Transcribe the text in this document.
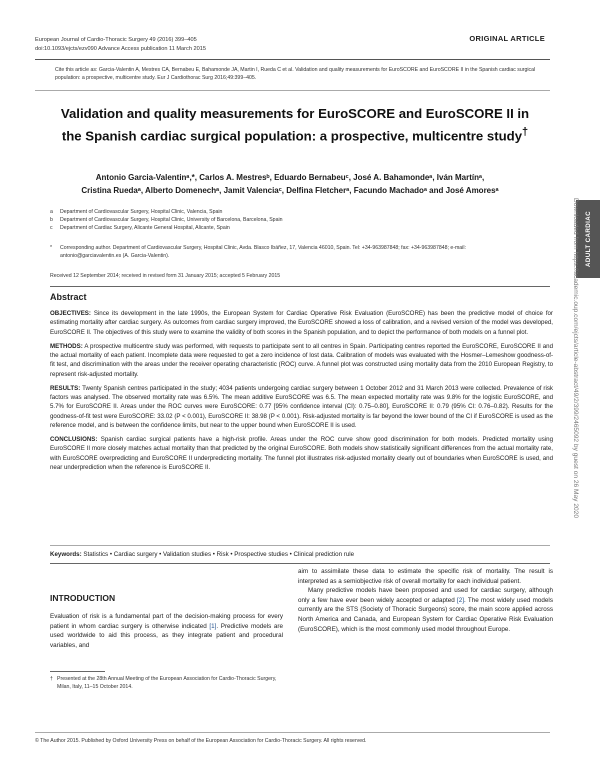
European Journal of Cardio-Thoracic Surgery 49 (2016) 399–405
doi:10.1093/ejcts/ezv090 Advance Access publication 11 March 2015
ORIGINAL ARTICLE
Cite this article as: Garcia-Valentin A, Mestres CA, Bernabeu E, Bahamonde JA, Martin I, Rueda C et al. Validation and quality measurements for EuroSCORE and EuroSCORE II in the Spanish cardiac surgical population: a prospective, multicentre study. Eur J Cardiothorac Surg 2016;49:399–405.
Validation and quality measurements for EuroSCORE and EuroSCORE II in the Spanish cardiac surgical population: a prospective, multicentre study†
Antonio Garcia-Valentinᵃ,*, Carlos A. Mestresᵇ, Eduardo Bernabeuᶜ, José A. Bahamondeᵃ, Iván Martínᵃ,
Cristina Ruedaᵃ, Alberto Domenechᵃ, Jamit Valenciaᶜ, Delfina Fletcherᵃ, Facundo Machadoᵃ and José Amoresᵃ
a	Department of Cardiovascular Surgery, Hospital Clinic, Valencia, Spain
b	Department of Cardiovascular Surgery, Hospital Clinic, University of Barcelona, Barcelona, Spain
c	Department of Cardiac Surgery, Alicante General Hospital, Alicante, Spain
*	Corresponding author. Department of Cardiovascular Surgery, Hospital Clinic, Avda. Blasco Ibáñez, 17, Valencia 46010, Spain. Tel: +34-963987848; fax: +34-963987848; e-mail: antonio@garciavalentin.es (A. Garcia-Valentin).
Received 12 September 2014; received in revised form 31 January 2015; accepted 5 February 2015
Abstract

OBJECTIVES: Since its development in the late 1990s, the European System for Cardiac Operative Risk Evaluation (EuroSCORE) has been the predictive model of choice for estimating mortality after cardiac surgery. As outcomes from cardiac surgery improved, the EuroSCORE showed a loss of calibration, and a revised version of the model was developed, EuroSCORE II. The objectives of this study were to examine the validity of both scores in the Spanish population, and to depict the performance of both models on a funnel plot.

METHODS: A prospective multicentre study was performed, with requests to participate sent to all centres in Spain. Participating centres reported the EuroSCORE, EuroSCORE II and the actual mortality of each patient. Incomplete data were requested to get a zero incidence of lost data. Calibration of models was evaluated with the Hosmer–Lemeshow goodness-of-fit test, and discrimination with the areas under the receiver operating characteristic (ROC) curve. A funnel plot was constructed using mortality data from the 2010 European Registry, to represent risk-adjusted mortality.

RESULTS: Twenty Spanish centres participated in the study; 4034 patients undergoing cardiac surgery between 1 October 2012 and 31 March 2013 were collected. Prevalence of risk factors was analysed. The observed mortality rate was 6.5%. The mean additive EuroSCORE was 6.5. The mean expected mortality rate was 9.8% for the logistic EuroSCORE, and 5.7% for EuroSCORE II. Areas under the ROC curves were EuroSCORE: 0.77 [95% confidence interval (CI): 0.75–0.80], EuroSCORE II: 0.79 (95% CI: 0.76–0.82). Results for the goodness-of-fit test were EuroSCORE: 33.02 (P < 0.001), EuroSCORE II: 38.98 (P < 0.001). Risk-adjusted mortality is far beyond the lower bound of the CI if EuroSCORE is used as the reference model, and is between the confidence limits, but near to the upper bound when EuroSCORE II is used.

CONCLUSIONS: Spanish cardiac surgical patients have a high-risk profile. Areas under the ROC curve show good discrimination for both models. Predicted mortality using EuroSCORE II more closely matches actual mortality than that predicted by the original EuroSCORE. Both models show statistically significant differences from the actual mortality rate, with EuroSCORE overpredicting and EuroSCORE II underpredicting mortality. The funnel plot illustrates risk-adjusted mortality clearly out of boundaries when EuroSCORE is used, and near underprediction when the reference is EuroSCORE II.

Keywords: Statistics • Cardiac surgery • Validation studies • Risk • Prospective studies • Clinical prediction rule
INTRODUCTION

Evaluation of risk is a fundamental part of the decision-making process for every patient in whom cardiac surgery is otherwise indicated [1]. Predictive models are used worldwide to aid this process, as they integrate patient and procedural variables, and

aim to assimilate these data to estimate the specific risk of mortality. The result is interpreted as a semiobjective risk of overall mortality for each individual patient.

Many predictive models have been proposed and used for cardiac surgery, although only a few have ever been widely accepted or adapted [2]. The most widely used models currently are the STS (Society of Thoracic Surgeons) score, the main score applied across North America and Canada, and European System for Cardiac Operative Risk Evaluation (EuroSCORE), which is the most commonly used model throughout Europe.

† Presented at the 28th Annual Meeting of the European Association for Cardio-Thoracic Surgery, Milan, Italy, 11–15 October 2014.
© The Author 2015. Published by Oxford University Press on behalf of the European Association for Cardio-Thoracic Surgery. All rights reserved.
ADULT CARDIAC
Downloaded from https://academic.oup.com/ejcts/article-abstract/49/2/399/2465092 by guest on 26 May 2020
